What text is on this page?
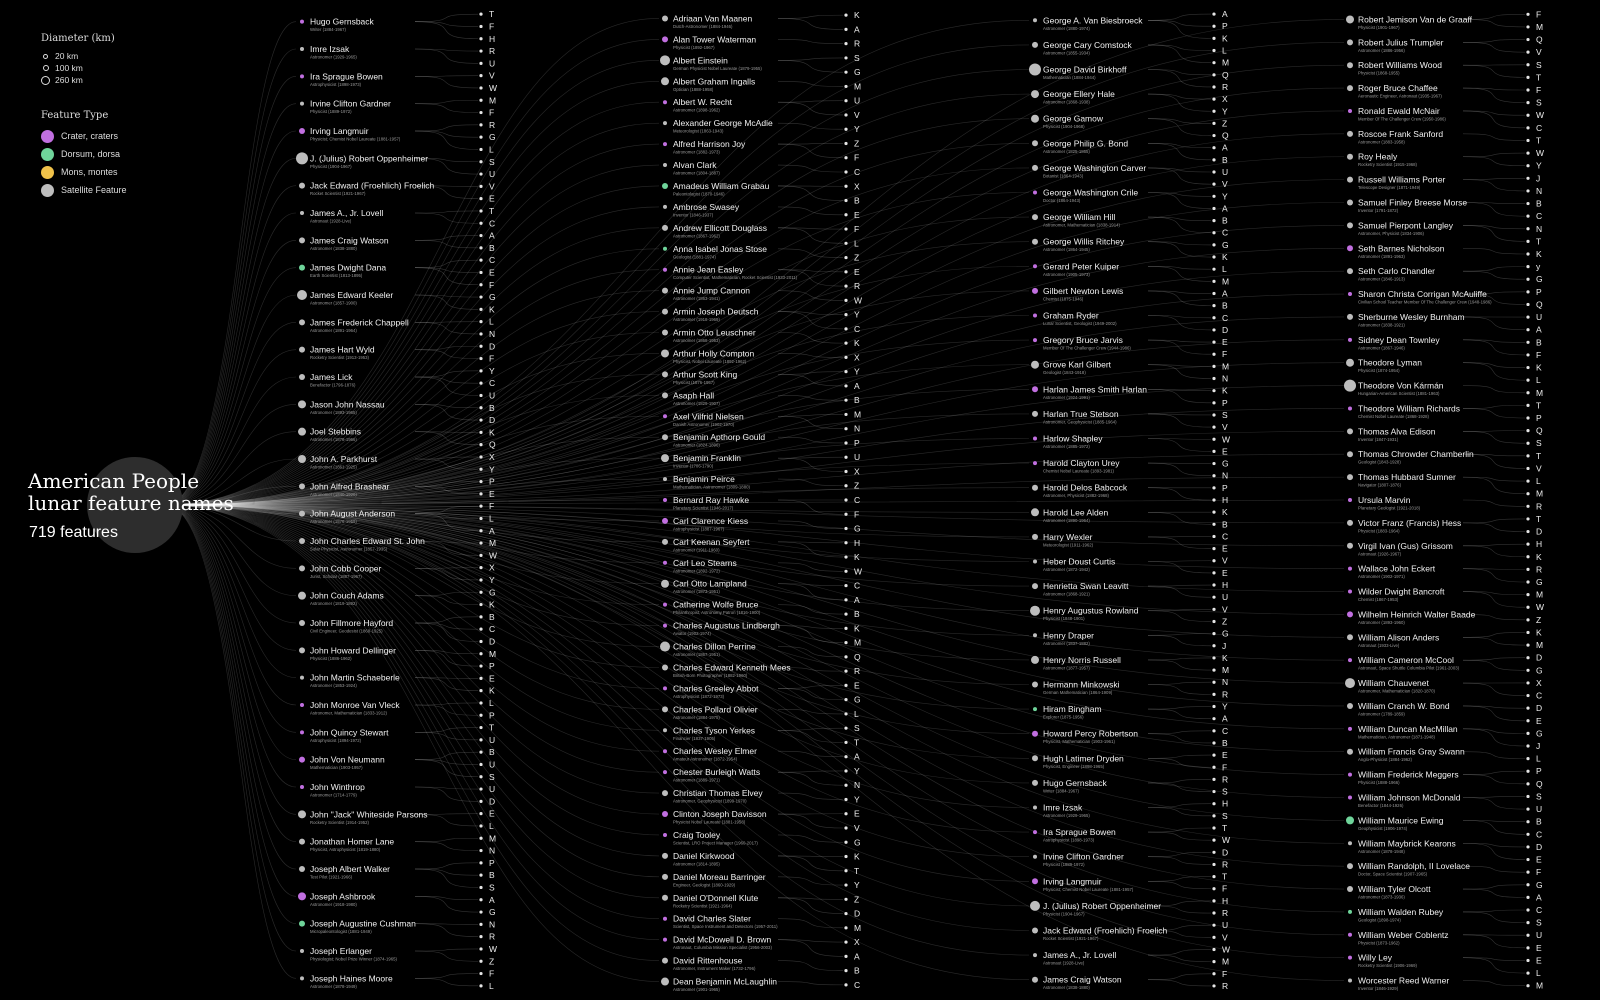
T
F
H
R
U
V
W
M
F
R
G
L
S
U
V
E
T
C
A
B
C
E
F
G
K
L
N
D
F
Y
C
U
B
D
K
Q
X
Y
P
E
F
L
A
M
W
X
Y
G
K
B
C
D
M
P
E
K
L
P
T
U
B
U
S
U
D
E
L
M
N
P
B
S
A
G
N
R
W
Z
F
L
Hugo Gernsback
Writer (1884-1967)
Imre Izsak
Astronomer (1929-1965)
Ira Sprague Bowen
Astrophysicist (1898-1973)
Irvine Clifton Gardner
Physicist (1889-1972)
Irving Langmuir
Physicist; Chemist Nobel Laureate (1881-1957)
J. (Julius) Robert Oppenheimer
Physicist (1904-1967)
Jack Edward (Froehlich) Froelich
Rocket Scientist (1921-1967)
James A., Jr. Lovell
Astronaut (1928-Live)
James Craig Watson
Astronomer (1838-1880)
James Dwight Dana
Earth Scientist (1813-1895)
James Edward Keeler
Astronomer (1857-1900)
James Frederick Chappell
Astronomer (1891-1964)
James Hart Wyld
Rocketry Scientist (1913-1953)
James Lick
Benefactor (1796-1876)
Jason John Nassau
Astronomer (1893-1965)
Joel Stebbins
Astronomer (1878-1966)
John A. Parkhurst
Astronomer (1861-1925)
John Alfred Brashear
Astronomer (1840-1920)
John August Anderson
Astronomer (1876-1959)
John Charles Edward St. John
Solar Physicist, Astronomer (1857-1935)
John Cobb Cooper
Jurist, Scholar (1887-1967)
John Couch Adams
Astronomer (1819-1892)
John Fillmore Hayford
Civil Engineer, Geodesist (1868-1925)
John Howard Dellinger
Physicist (1886-1962)
John Martin Schaeberle
Astronomer (1853-1924)
John Monroe Van Vleck
Astronomer, Mathematician (1833-1912)
John Quincy Stewart
Astrophysicist (1894-1972)
John Von Neumann
Mathematician (1903-1957)
John Winthrop
Astronomer (1714-1779)
John "Jack" Whiteside Parsons
Rocketry Scientist (1914-1952)
Jonathan Homer Lane
Physicist, Astrophysicist (1819-1880)
Joseph Albert Walker
Test Pilot (1921-1966)
Joseph Ashbrook
Astronomer (1918-1980)
Joseph Augustine Cushman
Micropaleontologist (1881-1949)
Joseph Erlanger
Physiologist; Nobel Prize Winner (1874-1965)
Joseph Haines Moore
Astronomer (1878-1949)
K
A
R
S
G
M
U
V
Y
Z
F
C
X
B
E
F
L
Z
E
R
W
Y
C
K
X
Y
A
B
M
N
P
U
X
Z
C
F
G
H
K
W
C
A
B
K
M
Q
R
E
G
L
S
T
A
Y
N
Y
E
V
G
K
T
Y
Z
D
M
X
A
B
C
Adriaan Van Maanen
Dutch-Astronomer (1884-1946)
Alan Tower Waterman
Physicist (1892-1967)
Albert Einstein
German Physicist Nobel Laureate (1879-1955)
Albert Graham Ingalls
Optician (1888-1958)
Albert W. Recht
Astronomer (1898-1962)
Alexander George McAdie
Meteorologist (1863-1943)
Alfred Harrison Joy
Astronomer (1882-1973)
Alvan Clark
Astronomer (1804-1887)
Amadeus William Grabau
Paleontologist (1870-1946)
Ambrose Swasey
Inventor (1846-1937)
Andrew Ellicott Douglass
Astronomer (1867-1962)
Anna Isabel Jonas Stose
Geologist (1881-1974)
Annie Jean Easley
Computer Scientist, Mathematician, Rocket Scientist (1933-2011)
Annie Jump Cannon
Astronomer (1863-1941)
Armin Joseph Deutsch
Astronomer (1918-1969)
Armin Otto Leuschner
Astronomer (1868-1953)
Arthur Holly Compton
Physicist, Nobel Laureate (1892-1962)
Arthur Scott King
Physicist (1876-1957)
Asaph Hall
Astronomer (1829-1907)
Axel Vilfrid Nielsen
Danish Astronomer (1902-1970)
Benjamin Apthorp Gould
Astronomer (1824-1896)
Benjamin Franklin
Inventor (1706-1790)
Benjamin Peirce
Mathematician, Astronomer (1809-1880)
Bernard Ray Hawke
Planetary Scientist (1946-2017)
Carl Clarence Kiess
Astrophysicist (1887-1967)
Carl Keenan Seyfert
Astronomer (1911-1960)
Carl Leo Stearns
Astronomer (1892-1972)
Carl Otto Lampland
Astronomer (1873-1951)
Catherine Wolfe Bruce
Philanthropist, Astronomy Patron (1816-1900)
Charles Augustus Lindbergh
Aviator (1902-1974)
Charles Dillon Perrine
Astronomer (1867-1951)
Charles Edward Kenneth Mees
British-Born Photographer (1882-1960)
Charles Greeley Abbot
Astrophysicist (1872-1973)
Charles Pollard Olivier
Astronomer (1884-1975)
Charles Tyson Yerkes
Financier (1837-1905)
Charles Wesley Elmer
Amateur Astronomer (1872-1954)
Chester Burleigh Watts
Astronomer (1889-1971)
Christian Thomas Elvey
Astronomer, Geophysicist (1899-1970)
Clinton Joseph Davisson
Physicist Nobel Laureate (1881-1958)
Craig Tooley
Scientist, LRO Project Manager (1960-2017)
Daniel Kirkwood
Astronomer (1814-1895)
Daniel Moreau Barringer
Engineer, Geologist (1860-1929)
Daniel O'Donnell Klute
Rocketry Scientist (1921-1964)
David Charles Slater
Scientist, Space Instrument and Detectors (1957-2011)
David McDowell D. Brown
Astronaut, Columbia Mission Specialist (1956-2003)
David Rittenhouse
Astronomer, Instrument Maker (1732-1796)
Dean Benjamin McLaughlin
Astronomer (1901-1965)
A
P
K
L
M
Q
R
X
Y
Z
Q
A
B
U
V
Y
A
B
C
G
K
L
M
A
B
C
D
E
F
M
N
K
P
S
V
W
E
G
N
P
H
K
B
C
E
V
E
H
U
V
Z
G
J
K
M
N
R
Y
A
C
B
E
F
R
S
H
S
T
W
D
R
T
F
H
R
U
V
W
M
F
R
George A. Van Biesbroeck
Astronomer (1880-1974)
George Cary Comstock
Astronomer (1855-1934)
George David Birkhoff
Mathematician (1884-1944)
George Ellery Hale
Astronomer (1868-1938)
George Gamow
Physicist (1904-1968)
George Philip G. Bond
Astronomer (1825-1865)
George Washington Carver
Botanist (1864-1943)
George Washington Crile
Doctor (1864-1943)
George William Hill
Astronomer, Mathematician (1838-1914)
George Willis Ritchey
Astronomer (1864-1945)
Gerard Peter Kuiper
Astronomer (1905-1973)
Gilbert Newton Lewis
Chemist (1875-1946)
Graham Ryder
Lunar Scientist, Geologist (1949-2002)
Gregory Bruce Jarvis
Member Of The Challenger Crew (1944-1986)
Grove Karl Gilbert
Geologist (1843-1918)
Harlan James Smith Harlan
Astronomer (1924-1991)
Harlan True Stetson
Astronomer, Geophysicist (1885-1964)
Harlow Shapley
Astronomer (1885-1972)
Harold Clayton Urey
Chemist Nobel Laureate (1893-1981)
Harold Delos Babcock
Astronomer, Physicist (1882-1968)
Harold Lee Alden
Astronomer (1890-1964)
Harry Wexler
Meteorologist (1911-1962)
Heber Doust Curtis
Astronomer (1872-1942)
Henrietta Swan Leavitt
Astronomer (1868-1921)
Henry Augustus Rowland
Physicist (1848-1901)
Henry Draper
Astronomer (1837-1882)
Henry Norris Russell
Astronomer (1877-1957)
Hermann Minkowski
German Mathematician (1864-1909)
Hiram Bingham
Explorer (1875-1956)
Howard Percy Robertson
Physicist, Mathematician (1903-1961)
Hugh Latimer Dryden
Physicist, Engineer (1898-1965)
Hugo Gernsback
Writer (1884-1967)
Imre Izsak
Astronomer (1929-1965)
Ira Sprague Bowen
Astrophysicist (1898-1973)
Irvine Clifton Gardner
Physicist (1889-1972)
Irving Langmuir
Physicist; Chemist Nobel Laureate (1881-1957)
J. (Julius) Robert Oppenheimer
Physicist (1904-1967)
Jack Edward (Froehlich) Froelich
Rocket Scientist (1921-1967)
James A., Jr. Lovell
Astronaut (1928-Live)
James Craig Watson
Astronomer (1838-1880)
F
M
Q
V
S
T
F
S
W
C
T
W
Y
J
N
B
C
N
T
K
y
G
P
Q
U
A
B
F
K
L
M
T
P
Q
S
T
V
L
M
R
T
D
H
K
R
G
M
W
Z
K
M
D
G
X
C
D
E
G
J
L
P
Q
S
U
B
C
D
E
F
G
A
C
S
U
E
E
L
M
Robert Jemison Van de Graaff
Physicist (1901-1967)
Robert Julius Trumpler
Astronomer (1886-1956)
Robert Williams Wood
Physicist (1868-1955)
Roger Bruce Chaffee
Aeronautic Engineer, Astronaut (1935-1967)
Ronald Ewald McNair
Member Of The Challenger Crew (1950-1986)
Roscoe Frank Sanford
Astronomer (1883-1958)
Roy Healy
Rocketry Scientist (1915-1968)
Russell Williams Porter
Telescope Designer (1871-1949)
Samuel Finley Breese Morse
Inventor (1791-1872)
Samuel Pierpont Langley
Astronomer, Physicist (1834-1906)
Seth Barnes Nicholson
Astronomer (1891-1963)
Seth Carlo Chandler
Astronomer (1846-1913)
Sharon Christa Corrigan McAuliffe
Civilian School Teacher Member Of The Challenger Crew (1948-1986)
Sherburne Wesley Burnham
Astronomer (1838-1921)
Sidney Dean Townley
Astronomer (1867-1946)
Theodore Lyman
Physicist (1874-1954)
Theodore Von Kármán
Hungarian-American Scientist (1881-1963)
Theodore William Richards
Chemist Nobel Laureate (1868-1928)
Thomas Alva Edison
Inventor (1847-1931)
Thomas Chrowder Chamberlin
Geologist (1843-1928)
Thomas Hubbard Sumner
Navigator (1807-1876)
Ursula Marvin
Planetary Geologist (1921-2018)
Victor Franz (Francis) Hess
Physicist (1883-1964)
Virgil Ivan (Gus) Grissom
Astronaut (1926-1967)
Wallace John Eckert
Astronomer (1902-1971)
Wilder Dwight Bancroft
Chemist (1867-1953)
Wilhelm Heinrich Walter Baade
Astronomer (1893-1960)
William Alison Anders
Astronaut (1933-Live)
William Cameron McCool
Astronaut, Space Shuttle Columbia Pilot (1961-2003)
William Chauvenet
Astronomer, Mathematician (1820-1870)
William Cranch W. Bond
Astronomer (1789-1859)
William Duncan MacMillan
Mathematician, Astronomer (1871-1948)
William Francis Gray Swann
Anglo-Physicist (1884-1962)
William Frederick Meggers
Physicist (1888-1966)
William Johnson McDonald
Benefactor (1844-1926)
William Maurice Ewing
Geophysicist (1906-1974)
William Maybrick Kearons
Astronomer (1878-1948)
William Randolph, II Lovelace
Doctor, Space Scientist (1907-1965)
William Tyler Olcott
Astronomer (1873-1936)
William Walden Rubey
Geologist (1898-1974)
William Weber Coblentz
Physicist (1873-1962)
Willy Ley
Rocketry Scientist (1906-1969)
Worcester Reed Warner
Inventor (1846-1929)
Diameter (km)
20 km
100 km
260 km
Feature Type
Crater, craters
Dorsum, dorsa
Mons, montes
Satellite Feature
American People
lunar feature names
719 features
